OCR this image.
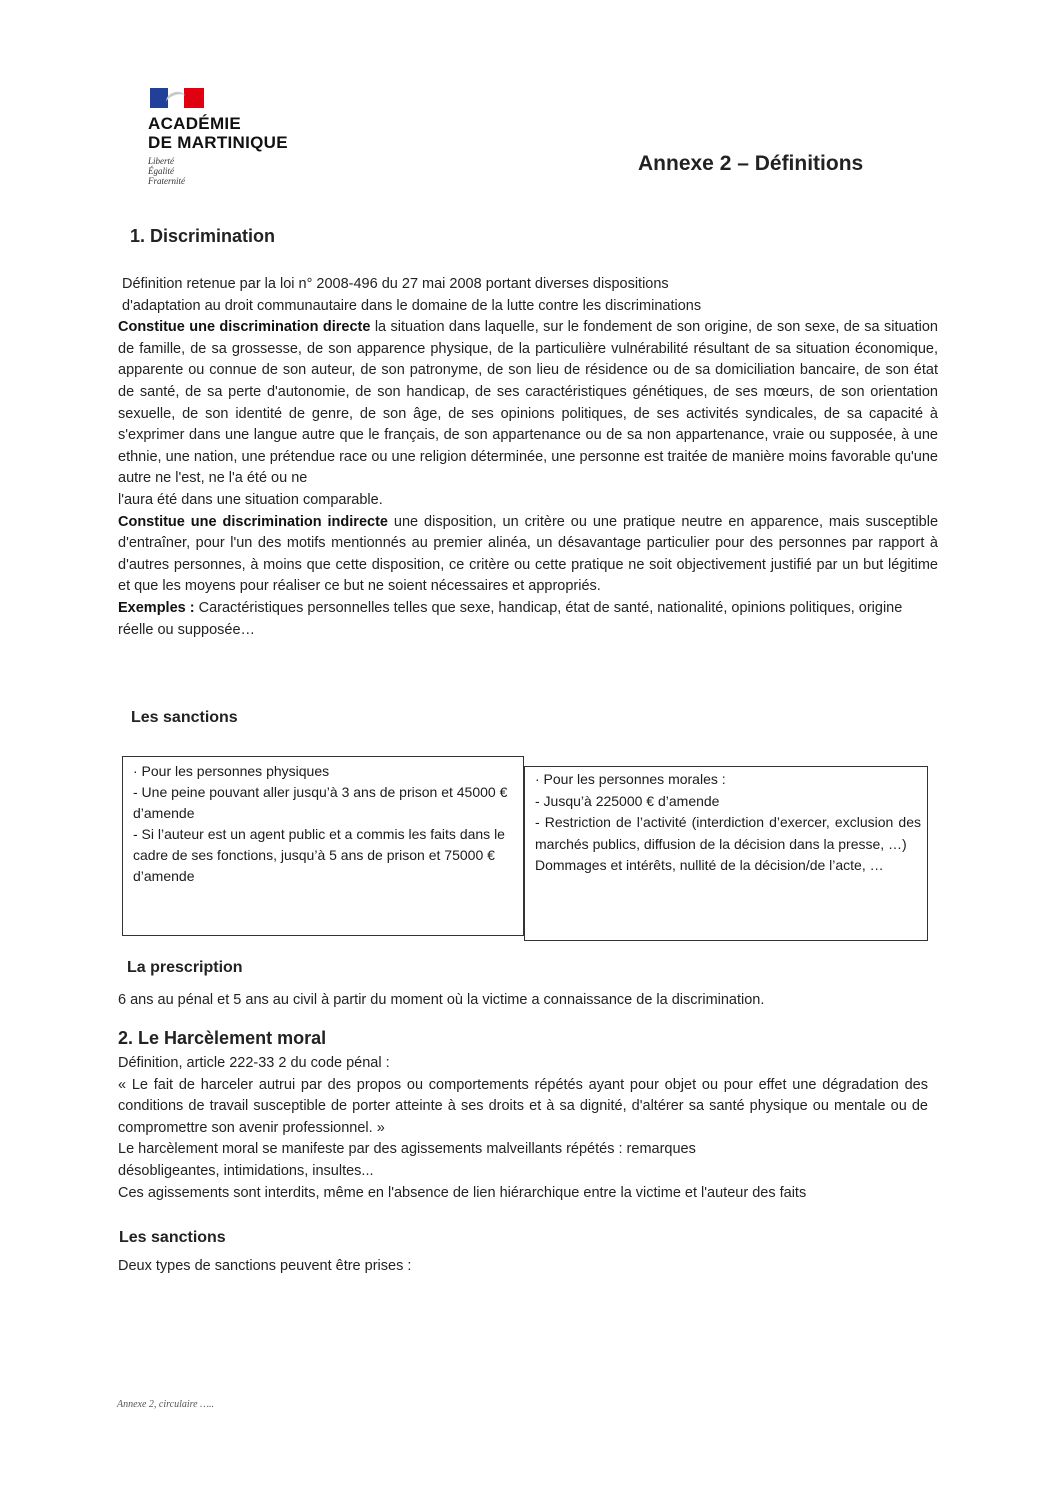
ACADÉMIE
DE MARTINIQUE
Liberté
Égalité
Fraternité
Annexe 2 – Définitions
1. Discrimination
Définition retenue par la loi n° 2008-496 du 27 mai 2008 portant diverses dispositions
d'adaptation au droit communautaire dans le domaine de la lutte contre les discriminations
Constitue une discrimination directe la situation dans laquelle, sur le fondement de son origine, de son sexe, de sa situation de famille, de sa grossesse, de son apparence physique, de la particulière vulnérabilité résultant de sa situation économique, apparente ou connue de son auteur, de son patronyme, de son lieu de résidence ou de sa domiciliation bancaire, de son état de santé, de sa perte d'autonomie, de son handicap, de ses caractéristiques génétiques, de ses mœurs, de son orientation sexuelle, de son identité de genre, de son âge, de ses opinions politiques, de ses activités syndicales, de sa capacité à s'exprimer dans une langue autre que le français, de son appartenance ou de sa non appartenance, vraie ou supposée, à une ethnie, une nation, une prétendue race ou une religion déterminée, une personne est traitée de manière moins favorable qu'une autre ne l'est, ne l'a été ou ne
l'aura été dans une situation comparable.
Constitue une discrimination indirecte une disposition, un critère ou une pratique neutre en apparence, mais susceptible d'entraîner, pour l'un des motifs mentionnés au premier alinéa, un désavantage particulier pour des personnes par rapport à d'autres personnes, à moins que cette disposition, ce critère ou cette pratique ne soit objectivement justifié par un but légitime et que les moyens pour réaliser ce but ne soient nécessaires et appropriés.
Exemples : Caractéristiques personnelles telles que sexe, handicap, état de santé, nationalité, opinions politiques, origine réelle ou supposée…
Les sanctions
· Pour les personnes physiques
- Une peine pouvant aller jusqu’à 3 ans de prison et 45000 € d’amende
- Si l’auteur est un agent public et a commis les faits dans le cadre de ses fonctions, jusqu’à 5 ans de prison et 75000 € d’amende
· Pour les personnes morales :
- Jusqu’à 225000 € d’amende
- Restriction de l’activité (interdiction d’exercer, exclusion des marchés publics, diffusion de la décision dans la presse, …)
Dommages et intérêts, nullité de la décision/de l’acte, …
La prescription
6 ans au pénal et 5 ans au civil à partir du moment où la victime a connaissance de la discrimination.
2. Le Harcèlement moral
Définition, article 222-33 2 du code pénal :
« Le fait de harceler autrui par des propos ou comportements répétés ayant pour objet ou pour effet une dégradation des conditions de travail susceptible de porter atteinte à ses droits et à sa dignité, d'altérer sa santé physique ou mentale ou de compromettre son avenir professionnel. »
Le harcèlement moral se manifeste par des agissements malveillants répétés : remarques
désobligeantes, intimidations, insultes...
Ces agissements sont interdits, même en l'absence de lien hiérarchique entre la victime et l'auteur des faits
Les sanctions
Deux types de sanctions peuvent être prises :
Annexe 2, circulaire …..
